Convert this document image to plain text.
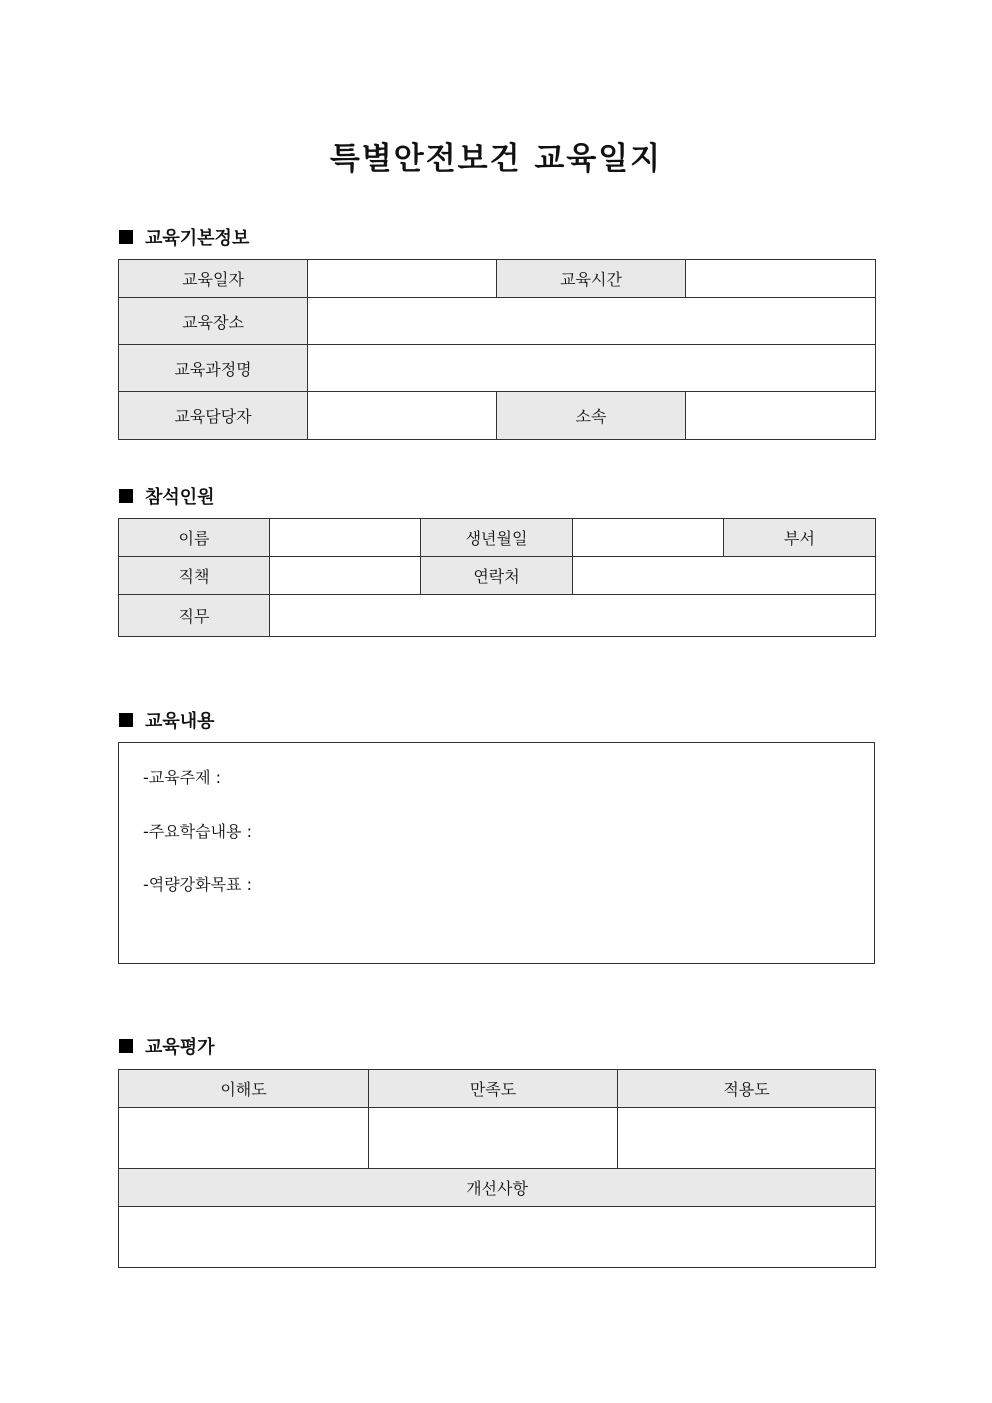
특별안전보건 교육일지
교육기본정보
교육일자		교육시간	
교육장소			
교육과정명			
교육담당자		소속	
참석인원
이름		생년월일		부서
직책		연락처		
직무				
교육내용
-교육주제 :
-주요학습내용 :
-역량강화목표 :
교육평가
이해도	만족도	적용도

개선사항		
